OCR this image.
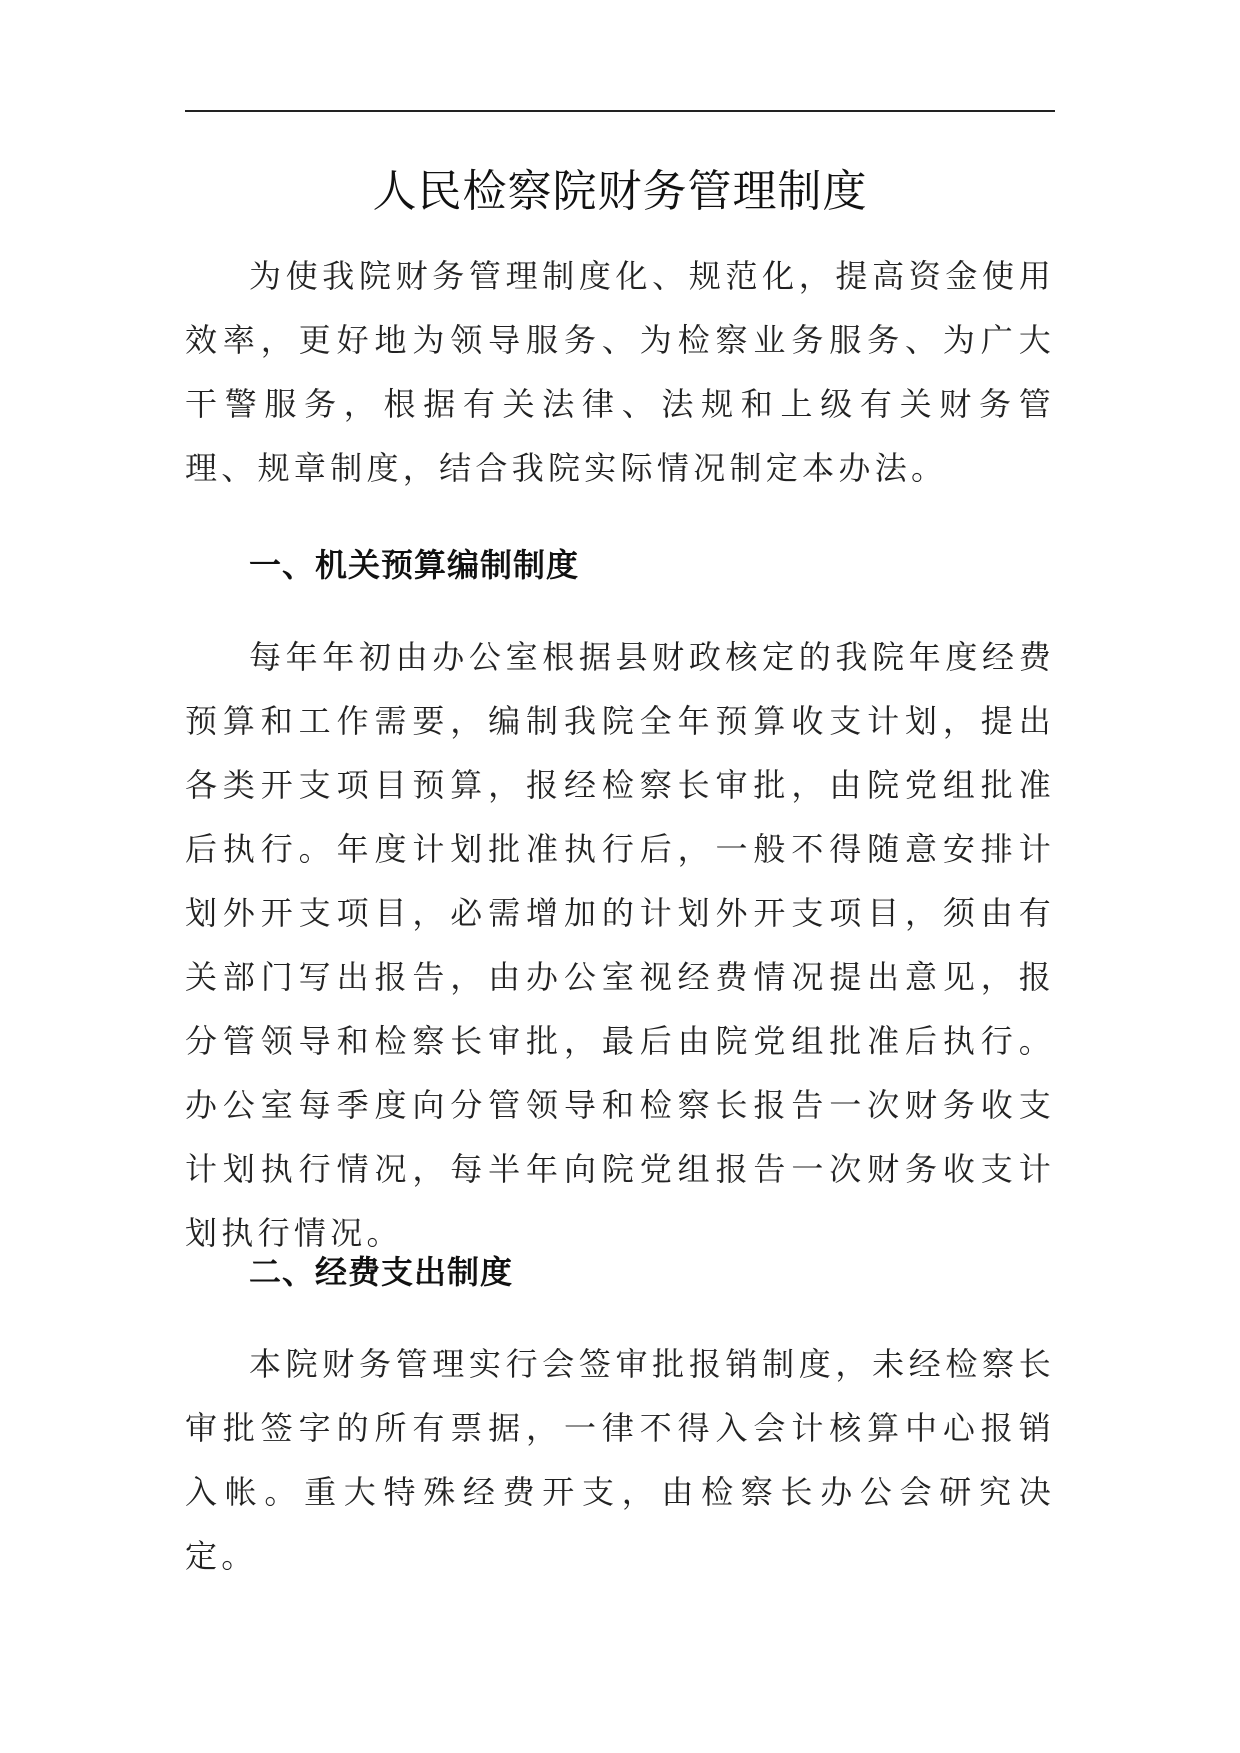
人民检察院财务管理制度

为使我院财务管理制度化、规范化，提高资金使用效率，更好地为领导服务、为检察业务服务、为广大干警服务，根据有关法律、法规和上级有关财务管理、规章制度，结合我院实际情况制定本办法。

一、机关预算编制制度

每年年初由办公室根据县财政核定的我院年度经费预算和工作需要，编制我院全年预算收支计划，提出各类开支项目预算，报经检察长审批，由院党组批准后执行。年度计划批准执行后，一般不得随意安排计划外开支项目，必需增加的计划外开支项目，须由有关部门写出报告，由办公室视经费情况提出意见，报分管领导和检察长审批，最后由院党组批准后执行。办公室每季度向分管领导和检察长报告一次财务收支计划执行情况，每半年向院党组报告一次财务收支计划执行情况。

二、经费支出制度

本院财务管理实行会签审批报销制度，未经检察长审批签字的所有票据，一律不得入会计核算中心报销入帐。重大特殊经费开支，由检察长办公会研究决定。
